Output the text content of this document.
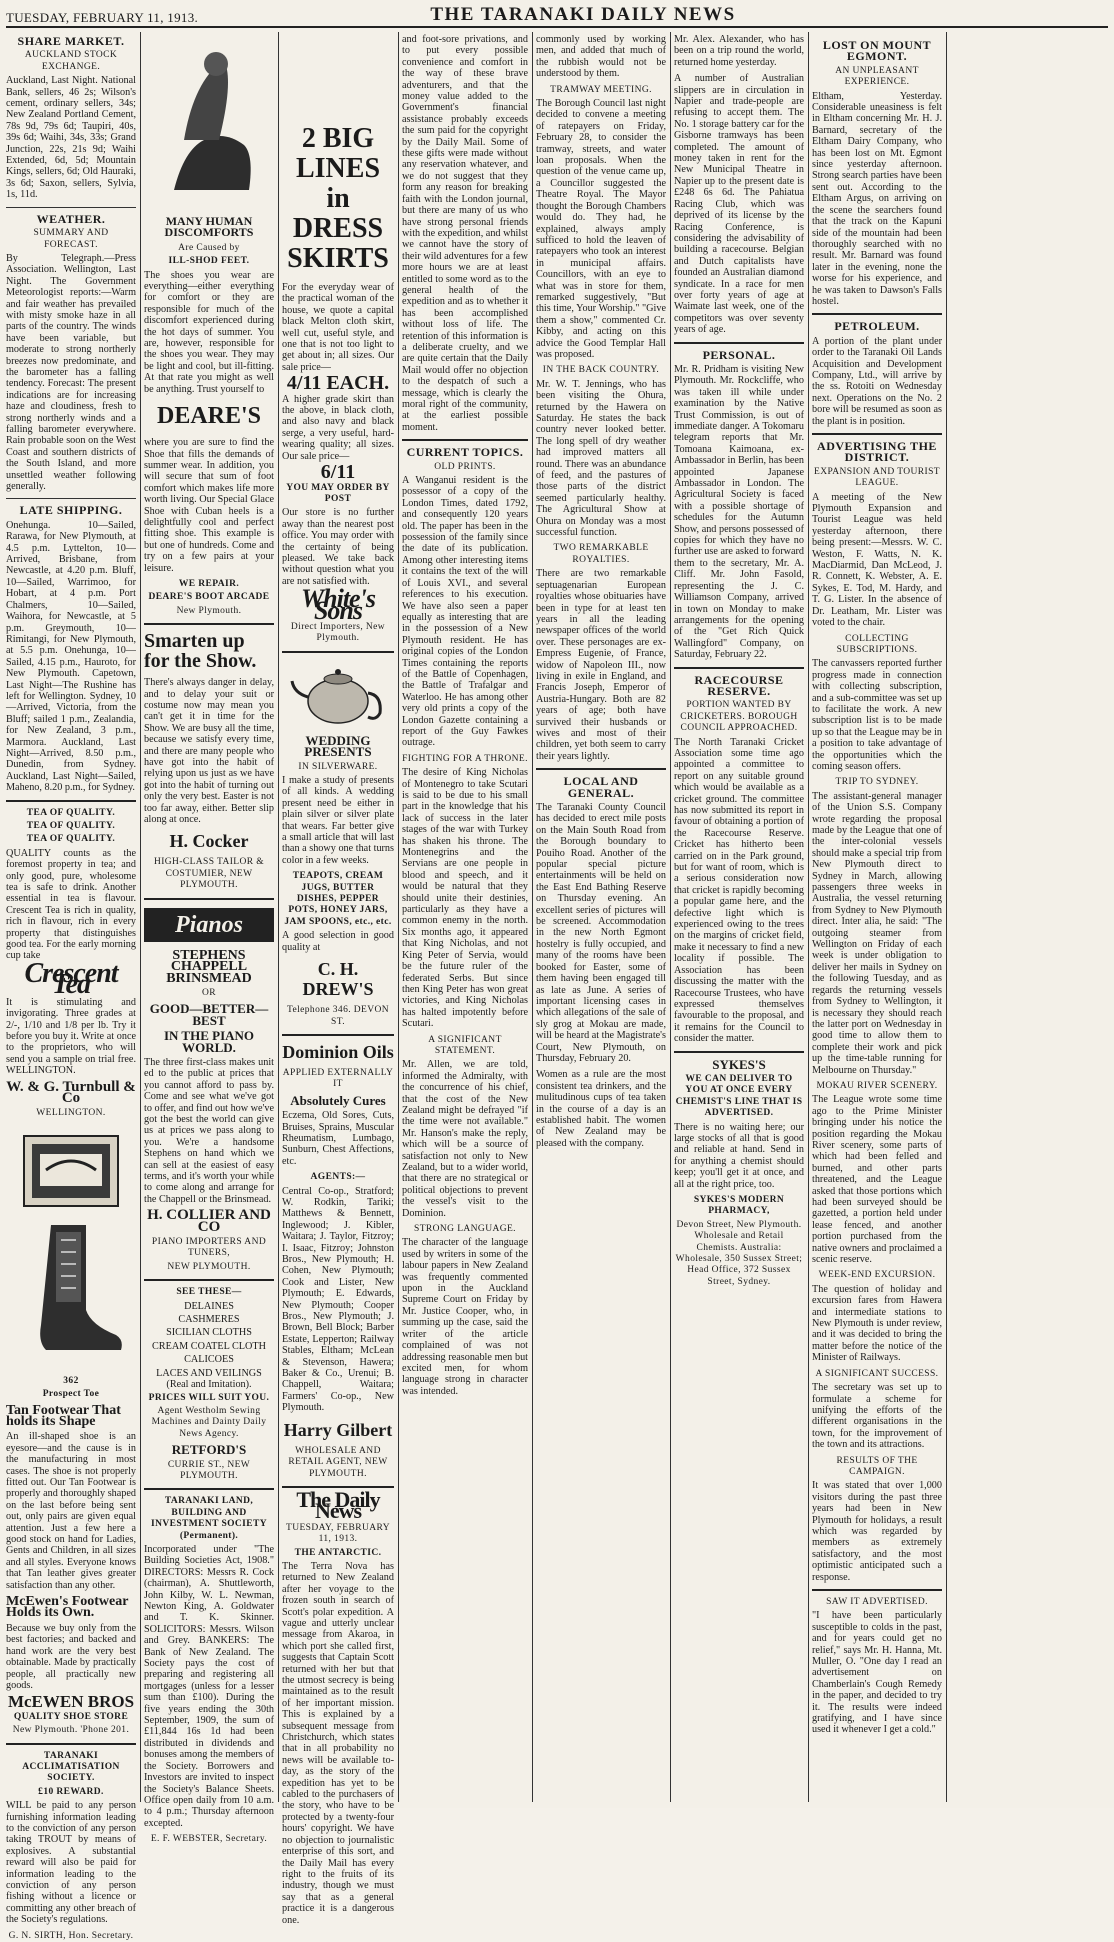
TUESDAY, FEBRUARY 11, 1913.	THE TARANAKI DAILY NEWS
SHARE MARKET.
AUCKLAND STOCK EXCHANGE.

Auckland, Last Night. National Bank, sellers, 46 2s; Wilson's cement, ordinary sellers, 34s; New Zealand Portland Cement, 78s 9d, 79s 6d; Taupiri, 40s, 39s 6d; Waihi, 34s, 33s; Grand Junction, 22s, 21s 9d; Waihi Extended, 6d, 5d; Mountain Kings, sellers, 6d; Old Hauraki, 3s 6d; Saxon, sellers, Sylvia, 1s, 11d.

WEATHER.
SUMMARY AND FORECAST.

By Telegraph.—Press Association. Wellington, Last Night. The Government Meteorologist reports:—Warm and fair weather has prevailed with misty smoke haze in all parts of the country. The winds have been variable, but moderate to strong northerly breezes now predominate, and the barometer has a falling tendency. Forecast: The present indications are for increasing haze and cloudiness, fresh to strong northerly winds and a falling barometer everywhere. Rain probable soon on the West Coast and southern districts of the South Island, and more unsettled weather following generally.

LATE SHIPPING.

Onehunga. 10—Sailed, Rarawa, for New Plymouth, at 4.5 p.m. Lyttelton, 10—Arrived, Brisbane, from Newcastle, at 4.20 p.m. Bluff, 10—Sailed, Warrimoo, for Hobart, at 4 p.m. Port Chalmers, 10—Sailed, Waihora, for Newcastle, at 5 p.m. Greymouth, 10—Rimitangi, for New Plymouth, at 5.5 p.m. Onehunga, 10—Sailed, 4.15 p.m., Hauroto, for New Plymouth. Capetown, Last Night—The Rushine has left for Wellington. Sydney, 10—Arrived, Victoria, from the Bluff; sailed 1 p.m., Zealandia, for New Zealand, 3 p.m., Marmora. Auckland, Last Night—Arrived, 8.50 p.m., Dunedin, from Sydney. Auckland, Last Night—Sailed, Maheno, 8.20 p.m., for Sydney.

TEA OF QUALITY.
TEA OF QUALITY.
TEA OF QUALITY.

QUALITY counts as the foremost property in tea; and only good, pure, wholesome tea is safe to drink. Another essential in tea is flavour. Crescent Tea is rich in quality, rich in flavour, rich in every property that distinguishes good tea. For the early morning cup take

Crescent Tea

It is stimulating and invigorating. Three grades at 2/-, 1/10 and 1/8 per lb. Try it before you buy it. Write at once to the proprietors, who will send you a sample on trial free. WELLINGTON.

W. & G. Turnbull & Co
WELLINGTON.
362
Prospect Toe
Tan Footwear That holds its Shape

An ill-shaped shoe is an eyesore—and the cause is in the manufacturing in most cases. The shoe is not properly fitted out. Our Tan Footwear is properly and thoroughly shaped on the last before being sent out, only pairs are given equal attention. Just a few here a good stock on hand for Ladies, Gents and Children, in all sizes and all styles. Everyone knows that Tan leather gives greater satisfaction than any other.

McEwen's Footwear Holds its Own.

Because we buy only from the best factories; and backed and hand work are the very best obtainable. Made by practically people, all practically new goods.

McEWEN BROS
QUALITY SHOE STORE
New Plymouth. 'Phone 201.
TARANAKI ACCLIMATISATION SOCIETY.
£10 REWARD.

WILL be paid to any person furnishing information leading to the conviction of any person taking TROUT by means of explosives. A substantial reward will also be paid for information leading to the conviction of any person fishing without a licence or committing any other breach of the Society's regulations.

G. N. SIRTH, Hon. Secretary.
MANY HUMAN DISCOMFORTS
Are Caused by
ILL-SHOD FEET.

The shoes you wear are everything—either everything for comfort or they are responsible for much of the discomfort experienced during the hot days of summer. You are, however, responsible for the shoes you wear. They may be light and cool, but ill-fitting. At that rate you might as well be anything. Trust yourself to

DEARE'S

where you are sure to find the Shoe that fills the demands of summer wear. In addition, you will secure that sum of foot comfort which makes life more worth living. Our Special Glace Shoe with Cuban heels is a delightfully cool and perfect fitting shoe. This example is but one of hundreds. Come and try on a few pairs at your leisure.

WE REPAIR.
DEARE'S BOOT ARCADE
New Plymouth.
Smarten up for the Show.

There's always danger in delay, and to delay your suit or costume now may mean you can't get it in time for the Show. We are busy all the time, because we satisfy every time, and there are many people who have got into the habit of relying upon us just as we have got into the habit of turning out only the very best. Easter is not too far away, either. Better slip along at once.

H. Cocker
HIGH-CLASS TAILOR & COSTUMIER, NEW PLYMOUTH.
Pianos
STEPHENS
CHAPPELL
BRINSMEAD
OR
GOOD—BETTER—BEST
IN THE PIANO WORLD.

The three first-class makes unit ed to the public at prices that you cannot afford to pass by. Come and see what we've got to offer, and find out how we've got the best the world can give us at prices we pass along to you. We're a handsome Stephens on hand which we can sell at the easiest of easy terms, and it's worth your while to come along and arrange for the Chappell or the Brinsmead.

H. COLLIER AND CO
PIANO IMPORTERS AND TUNERS,
NEW PLYMOUTH.
SEE THESE—
DELAINES
CASHMERES
SICILIAN CLOTHS
CREAM COATEL CLOTH
CALICOES
LACES AND VEILINGS (Real and Imitation).
PRICES WILL SUIT YOU.
Agent Westholm Sewing Machines and Dainty Daily News Agency.
RETFORD'S
CURRIE ST., NEW PLYMOUTH.
TARANAKI LAND, BUILDING AND INVESTMENT SOCIETY (Permanent).

Incorporated under "The Building Societies Act, 1908." DIRECTORS: Messrs R. Cock (chairman), A. Shuttleworth, John Kilby, W. L. Newman, Newton King, A. Goldwater and T. K. Skinner. SOLICITORS: Messrs. Wilson and Grey. BANKERS: The Bank of New Zealand. The Society pays the cost of preparing and registering all mortgages (unless for a lesser sum than £100). During the five years ending the 30th September, 1909, the sum of £11,844 16s 1d had been distributed in dividends and bonuses among the members of the Society. Borrowers and Investors are invited to inspect the Society's Balance Sheets. Office open daily from 10 a.m. to 4 p.m.; Thursday afternoon excepted.

E. F. WEBSTER, Secretary.
2 BIG LINES in DRESS SKIRTS

For the everyday wear of the practical woman of the house, we quote a capital black Melton cloth skirt, well cut, useful style, and one that is not too light to get about in; all sizes. Our sale price—

4/11 EACH.

A higher grade skirt than the above, in black cloth, and also navy and black serge, a very useful, hard-wearing quality; all sizes. Our sale price—

6/11
YOU MAY ORDER BY POST

Our store is no further away than the nearest post office. You may order with the certainty of being pleased. We take back without question what you are not satisfied with.

White's Sons
Direct Importers, New Plymouth.
WEDDING PRESENTS
IN SILVERWARE.

I make a study of presents of all kinds. A wedding present need be either in plain silver or silver plate that wears. Far better give a small article that will last than a showy one that turns color in a few weeks.

TEAPOTS, CREAM JUGS, BUTTER DISHES, PEPPER POTS, HONEY JARS, JAM SPOONS, etc., etc.

A good selection in good quality at

C. H. DREW'S
Telephone 346. DEVON ST.
Dominion Oils
APPLIED EXTERNALLY IT
Absolutely Cures

Eczema, Old Sores, Cuts, Bruises, Sprains, Muscular Rheumatism, Lumbago, Sunburn, Chest Affections, etc.

AGENTS:—

Central Co-op., Stratford; W. Rodkin, Tariki; Matthews & Bennett, Inglewood; J. Kibler, Waitara; J. Taylor, Fitzroy; I. Isaac, Fitzroy; Johnston Bros., New Plymouth; H. Cohen, New Plymouth; Cook and Lister, New Plymouth; E. Edwards, New Plymouth; Cooper Bros., New Plymouth; J. Brown, Bell Block; Barber Estate, Lepperton; Railway Stables, Eltham; McLean & Stevenson, Hawera; Baker & Co., Urenui; B. Chappell, Waitara; Farmers' Co-op., New Plymouth.

Harry Gilbert
WHOLESALE AND RETAIL AGENT, NEW PLYMOUTH.
The Daily News
TUESDAY, FEBRUARY 11, 1913.
THE ANTARCTIC.

The Terra Nova has returned to New Zealand after her voyage to the frozen south in search of Scott's polar expedition. A vague and utterly unclear message from Akaroa, in which port she called first, suggests that Captain Scott returned with her but that the utmost secrecy is being maintained as to the result of her important mission. This is explained by a subsequent message from Christchurch, which states that in all probability no news will be available to-day, as the story of the expedition has yet to be cabled to the purchasers of the story, who have to be protected by a twenty-four hours' copyright. We have no objection to journalistic enterprise of this sort, and the Daily Mail has every right to the fruits of its industry, though we must say that as a general practice it is a dangerous one.

and foot-sore privations, and to put every possible convenience and comfort in the way of these brave adventurers, and that the money value added to the Government's financial assistance probably exceeds the sum paid for the copyright by the Daily Mail. Some of these gifts were made without any reservation whatever, and we do not suggest that they form any reason for breaking faith with the London journal, but there are many of us who have strong personal friends with the expedition, and whilst we cannot have the story of their wild adventures for a few more hours we are at least entitled to some word as to the general health of the expedition and as to whether it has been accomplished without loss of life. The retention of this information is a deliberate cruelty, and we are quite certain that the Daily Mail would offer no objection to the despatch of such a message, which is clearly the moral right of the community, at the earliest possible moment.

CURRENT TOPICS.
OLD PRINTS.

A Wanganui resident is the possessor of a copy of the London Times, dated 1792, and consequently 120 years old. The paper has been in the possession of the family since the date of its publication. Among other interesting items it contains the text of the will of Louis XVI., and several references to his execution. We have also seen a paper equally as interesting that are in the possession of a New Plymouth resident. He has original copies of the London Times containing the reports of the Battle of Copenhagen, the Battle of Trafalgar and Waterloo. He has among other very old prints a copy of the London Gazette containing a report of the Guy Fawkes outrage.

FIGHTING FOR A THRONE.

The desire of King Nicholas of Montenegro to take Scutari is said to be due to his small part in the knowledge that his lack of success in the later stages of the war with Turkey has shaken his throne. The Montenegrins and the Servians are one people in blood and speech, and it would be natural that they should unite their destinies, particularly as they have a common enemy in the north. Six months ago, it appeared that King Nicholas, and not King Peter of Servia, would be the future ruler of the federated Serbs. But since then King Peter has won great victories, and King Nicholas has halted impotently before Scutari.

A SIGNIFICANT STATEMENT.

Mr. Allen, we are told, informed the Admiralty, with the concurrence of his chief, that the cost of the New Zealand might be defrayed "if the time were not available." Mr. Hanson's make the reply, which will be a source of satisfaction not only to New Zealand, but to a wider world, that there are no strategical or political objections to prevent the vessel's visit to the Dominion.

STRONG LANGUAGE.

The character of the language used by writers in some of the labour papers in New Zealand was frequently commented upon in the Auckland Supreme Court on Friday by Mr. Justice Cooper, who, in summing up the case, said the writer of the article complained of was not addressing reasonable men but excited men, for whom language strong in character was intended.

commonly used by working men, and added that much of the rubbish would not be understood by them.

TRAMWAY MEETING.

The Borough Council last night decided to convene a meeting of ratepayers on Friday, February 28, to consider the tramway, streets, and water loan proposals. When the question of the venue came up, a Councillor suggested the Theatre Royal. The Mayor thought the Borough Chambers would do. They had, he explained, always amply sufficed to hold the leaven of ratepayers who took an interest in municipal affairs. Councillors, with an eye to what was in store for them, remarked suggestively, "But this time, Your Worship." "Give them a show," commented Cr. Kibby, and acting on this advice the Good Templar Hall was proposed.

IN THE BACK COUNTRY.

Mr. W. T. Jennings, who has been visiting the Ohura, returned by the Hawera on Saturday. He states the back country never looked better. The long spell of dry weather had improved matters all round. There was an abundance of feed, and the pastures of those parts of the district seemed particularly healthy. The Agricultural Show at Ohura on Monday was a most successful function.

TWO REMARKABLE ROYALTIES.

There are two remarkable septuagenarian European royalties whose obituaries have been in type for at least ten years in all the leading newspaper offices of the world over. These personages are ex-Empress Eugenie, of France, widow of Napoleon III., now living in exile in England, and Francis Joseph, Emperor of Austria-Hungary. Both are 82 years of age; both have survived their husbands or wives and most of their children, yet both seem to carry their years lightly.

LOCAL AND GENERAL.

The Taranaki County Council has decided to erect mile posts on the Main South Road from the Borough boundary to Pouiho Road. Another of the popular special picture entertainments will be held on the East End Bathing Reserve on Thursday evening. An excellent series of pictures will be screened. Accommodation in the new North Egmont hostelry is fully occupied, and many of the rooms have been booked for Easter, some of them having been engaged till as late as June. A series of important licensing cases in which allegations of the sale of sly grog at Mokau are made, will be heard at the Magistrate's Court, New Plymouth, on Thursday, February 20.

Women as a rule are the most consistent tea drinkers, and the mulitudinous cups of tea taken in the course of a day is an established habit. The women of New Zealand may be pleased with the company.

Mr. Alex. Alexander, who has been on a trip round the world, returned home yesterday.

A number of Australian slippers are in circulation in Napier and trade-people are refusing to accept them. The No. 1 storage battery car for the Gisborne tramways has been completed. The amount of money taken in rent for the New Municipal Theatre in Napier up to the present date is £248 6s 6d. The Pahiatua Racing Club, which was deprived of its license by the Racing Conference, is considering the advisability of building a racecourse. Belgian and Dutch capitalists have founded an Australian diamond syndicate. In a race for men over forty years of age at Waimate last week, one of the competitors was over seventy years of age.

PERSONAL.

Mr. R. Pridham is visiting New Plymouth. Mr. Rockcliffe, who was taken ill while under examination by the Native Trust Commission, is out of immediate danger. A Tokomaru telegram reports that Mr. Tomoana Kaimoana, ex-Ambassador in Berlin, has been appointed Japanese Ambassador in London. The Agricultural Society is faced with a possible shortage of schedules for the Autumn Show, and persons possessed of copies for which they have no further use are asked to forward them to the secretary, Mr. A. Cliff. Mr. John Fasold, representing the J. C. Williamson Company, arrived in town on Monday to make arrangements for the opening of the "Get Rich Quick Wallingford" Company, on Saturday, February 22.

RACECOURSE RESERVE.
PORTION WANTED BY CRICKETERS. BOROUGH COUNCIL APPROACHED.

The North Taranaki Cricket Association some time ago appointed a committee to report on any suitable ground which would be available as a cricket ground. The committee has now submitted its report in favour of obtaining a portion of the Racecourse Reserve. Cricket has hitherto been carried on in the Park ground, but for want of room, which is a serious consideration now that cricket is rapidly becoming a popular game here, and the defective light which is experienced owing to the trees on the margins of cricket field, make it necessary to find a new locality if possible. The Association has been discussing the matter with the Racecourse Trustees, who have expressed themselves favourable to the proposal, and it remains for the Council to consider the matter.

SYKES'S
WE CAN DELIVER TO YOU AT ONCE EVERY CHEMIST'S LINE THAT IS ADVERTISED.

There is no waiting here; our large stocks of all that is good and reliable at hand. Send in for anything a chemist should keep; you'll get it at once, and all at the right price, too.

SYKES'S MODERN PHARMACY,
Devon Street, New Plymouth. Wholesale and Retail Chemists. Australia: Wholesale, 350 Sussex Street; Head Office, 372 Sussex Street, Sydney.
LOST ON MOUNT EGMONT.
AN UNPLEASANT EXPERIENCE.

Eltham, Yesterday. Considerable uneasiness is felt in Eltham concerning Mr. H. J. Barnard, secretary of the Eltham Dairy Company, who has been lost on Mt. Egmont since yesterday afternoon. Strong search parties have been sent out. According to the Eltham Argus, on arriving on the scene the searchers found that the track on the Kapuni side of the mountain had been thoroughly searched with no result. Mr. Barnard was found later in the evening, none the worse for his experience, and he was taken to Dawson's Falls hostel.

PETROLEUM.

A portion of the plant under order to the Taranaki Oil Lands Acquisition and Development Company, Ltd., will arrive by the ss. Rotoiti on Wednesday next. Operations on the No. 2 bore will be resumed as soon as the plant is in position.

ADVERTISING THE DISTRICT.
EXPANSION AND TOURIST LEAGUE.

A meeting of the New Plymouth Expansion and Tourist League was held yesterday afternoon, there being present:—Messrs. W. C. Weston, F. Watts, N. K. MacDiarmid, Dan McLeod, J. R. Connett, K. Webster, A. E. Sykes, E. Tod, M. Hardy, and T. G. Lister. In the absence of Dr. Leatham, Mr. Lister was voted to the chair.

COLLECTING SUBSCRIPTIONS.

The canvassers reported further progress made in connection with collecting subscription, and a sub-committee was set up to facilitate the work. A new subscription list is to be made up so that the League may be in a position to take advantage of the opportunities which the coming season offers.

TRIP TO SYDNEY.

The assistant-general manager of the Union S.S. Company wrote regarding the proposal made by the League that one of the inter-colonial vessels should make a special trip from New Plymouth direct to Sydney in March, allowing passengers three weeks in Australia, the vessel returning from Sydney to New Plymouth direct. Inter alia, he said: "The outgoing steamer from Wellington on Friday of each week is under obligation to deliver her mails in Sydney on the following Tuesday, and as regards the returning vessels from Sydney to Wellington, it is necessary they should reach the latter port on Wednesday in good time to allow them to complete their work and pick up the time-table running for Melbourne on Thursday."

MOKAU RIVER SCENERY.

The League wrote some time ago to the Prime Minister bringing under his notice the position regarding the Mokau River scenery, some parts of which had been felled and burned, and other parts threatened, and the League asked that those portions which had been surveyed should be gazetted, a portion held under lease fenced, and another portion purchased from the native owners and proclaimed a scenic reserve.

WEEK-END EXCURSION.

The question of holiday and excursion fares from Hawera and intermediate stations to New Plymouth is under review, and it was decided to bring the matter before the notice of the Minister of Railways.

A SIGNIFICANT SUCCESS.

The secretary was set up to formulate a scheme for unifying the efforts of the different organisations in the town, for the improvement of the town and its attractions.

RESULTS OF THE CAMPAIGN.

It was stated that over 1,000 visitors during the past three years had been in New Plymouth for holidays, a result which was regarded by members as extremely satisfactory, and the most optimistic anticipated such a response.

SAW IT ADVERTISED.

"I have been particularly susceptible to colds in the past, and for years could get no relief," says Mr. H. Hanna, Mt. Muller, O. "One day I read an advertisement on Chamberlain's Cough Remedy in the paper, and decided to try it. The results were indeed gratifying, and I have since used it whenever I get a cold."
